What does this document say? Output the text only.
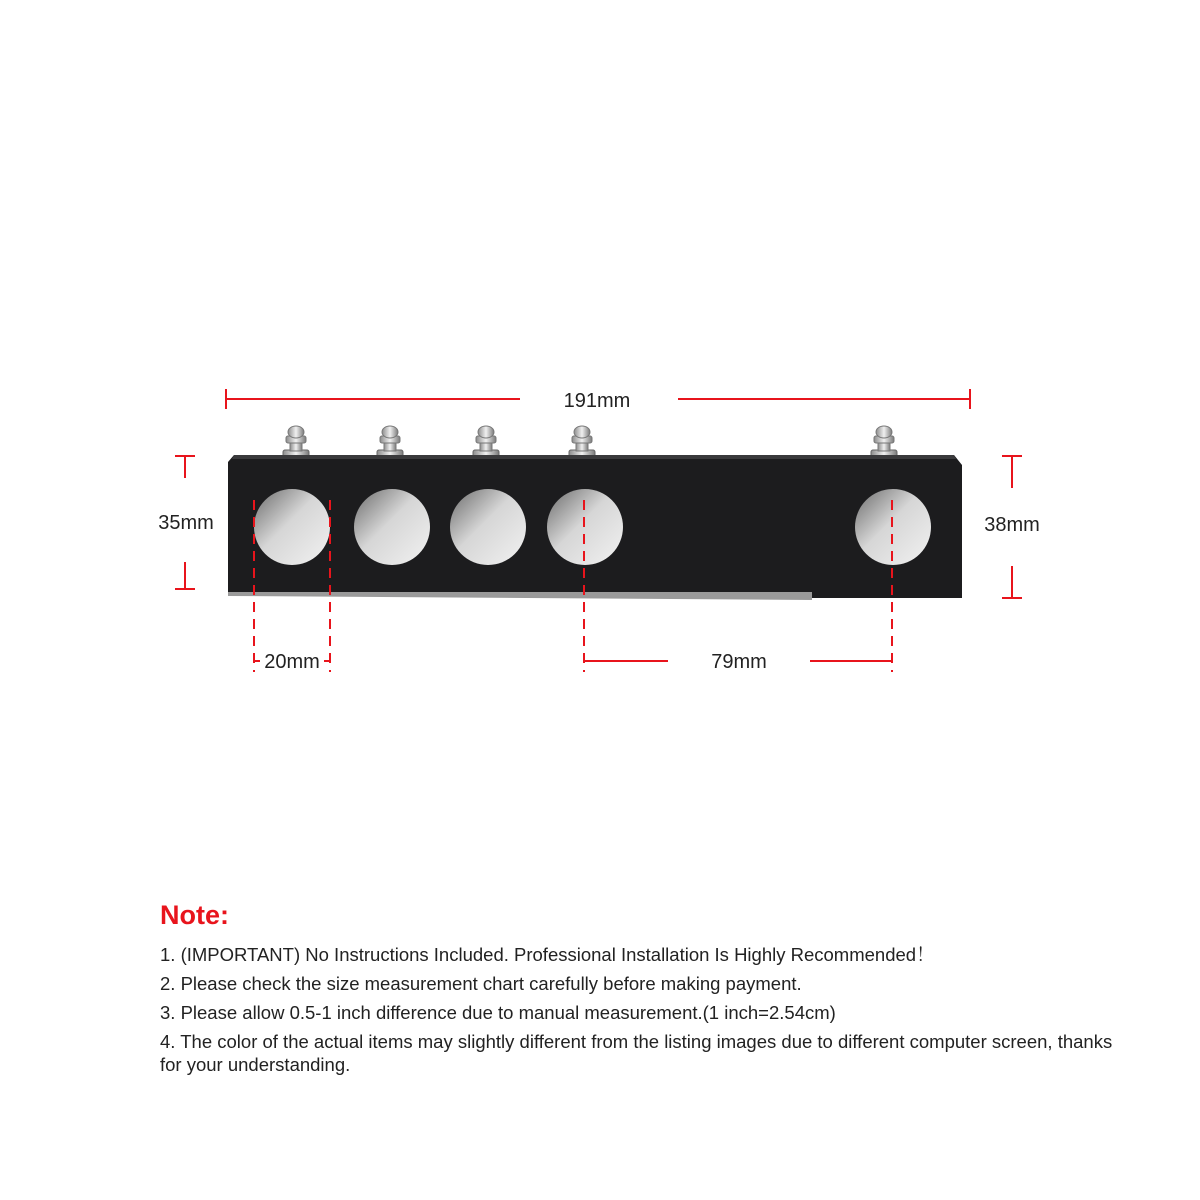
191mm
35mm	38mm
20mm	79mm
Note:
1. (IMPORTANT) No Instructions Included. Professional Installation Is Highly Recommended！
2. Please check the size measurement chart carefully before making payment.
3. Please allow 0.5-1 inch difference due to manual measurement.(1 inch=2.54cm)
4. The color of the actual items may slightly different from the listing images due to different computer screen, thanks for your understanding.
